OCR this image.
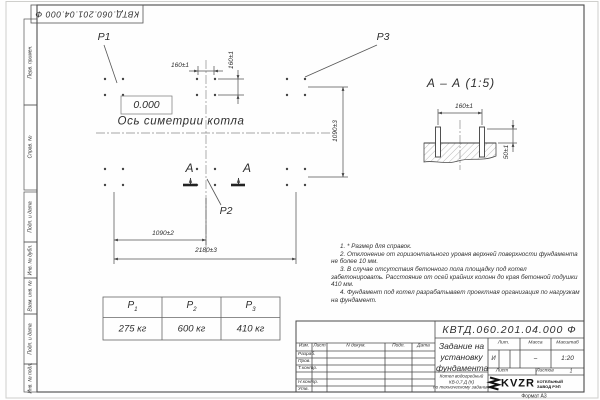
КВТД.060.201.04.000 Ф
Перв. примен.
Справ. №
Подп. и дата
Инв. № дубл.
Взам. инв. №
Подп. и дата
Инв. № подл.
Р1	Р3
Р2
0.000
Ось симетрии котла
160±1	160±1
1090±2
2180±3
1090±3
А	А
А – А (1:5)
160±1
50±1
$Р_1$	$Р_2$	$Р_3$
275 кг	600 кг	410 кг
1. * Размер для справок.
2. Отклонение от горизонтального уровня верхней поверхности фундамента не более 10 мм.
3. В случае отсутствия бетонного пола площадку под котел забетонировать. Расстояние от осей крайних колонн до края бетонной подушки 410 мм.
4. Фундамент под котел разрабатывает проектная организация по нагрузкам на фундамент.
КВТД.060.201.04.000 Ф
Изм. Лист	N докум.	Подп.	Дата
Разраб.
Пров.
Т.контр.
Н.контр.
Утв.
Задание на установку фундамента
Котел водогрейный
КВ-0,7 Д (К)
по техническому заданию
Лит.	Масса	Масштаб
И	–	1:20
Лист	Листов	1
KVZR КОТЕЛЬНЫЙ
ЗАВОД РЭП
Формат А3
